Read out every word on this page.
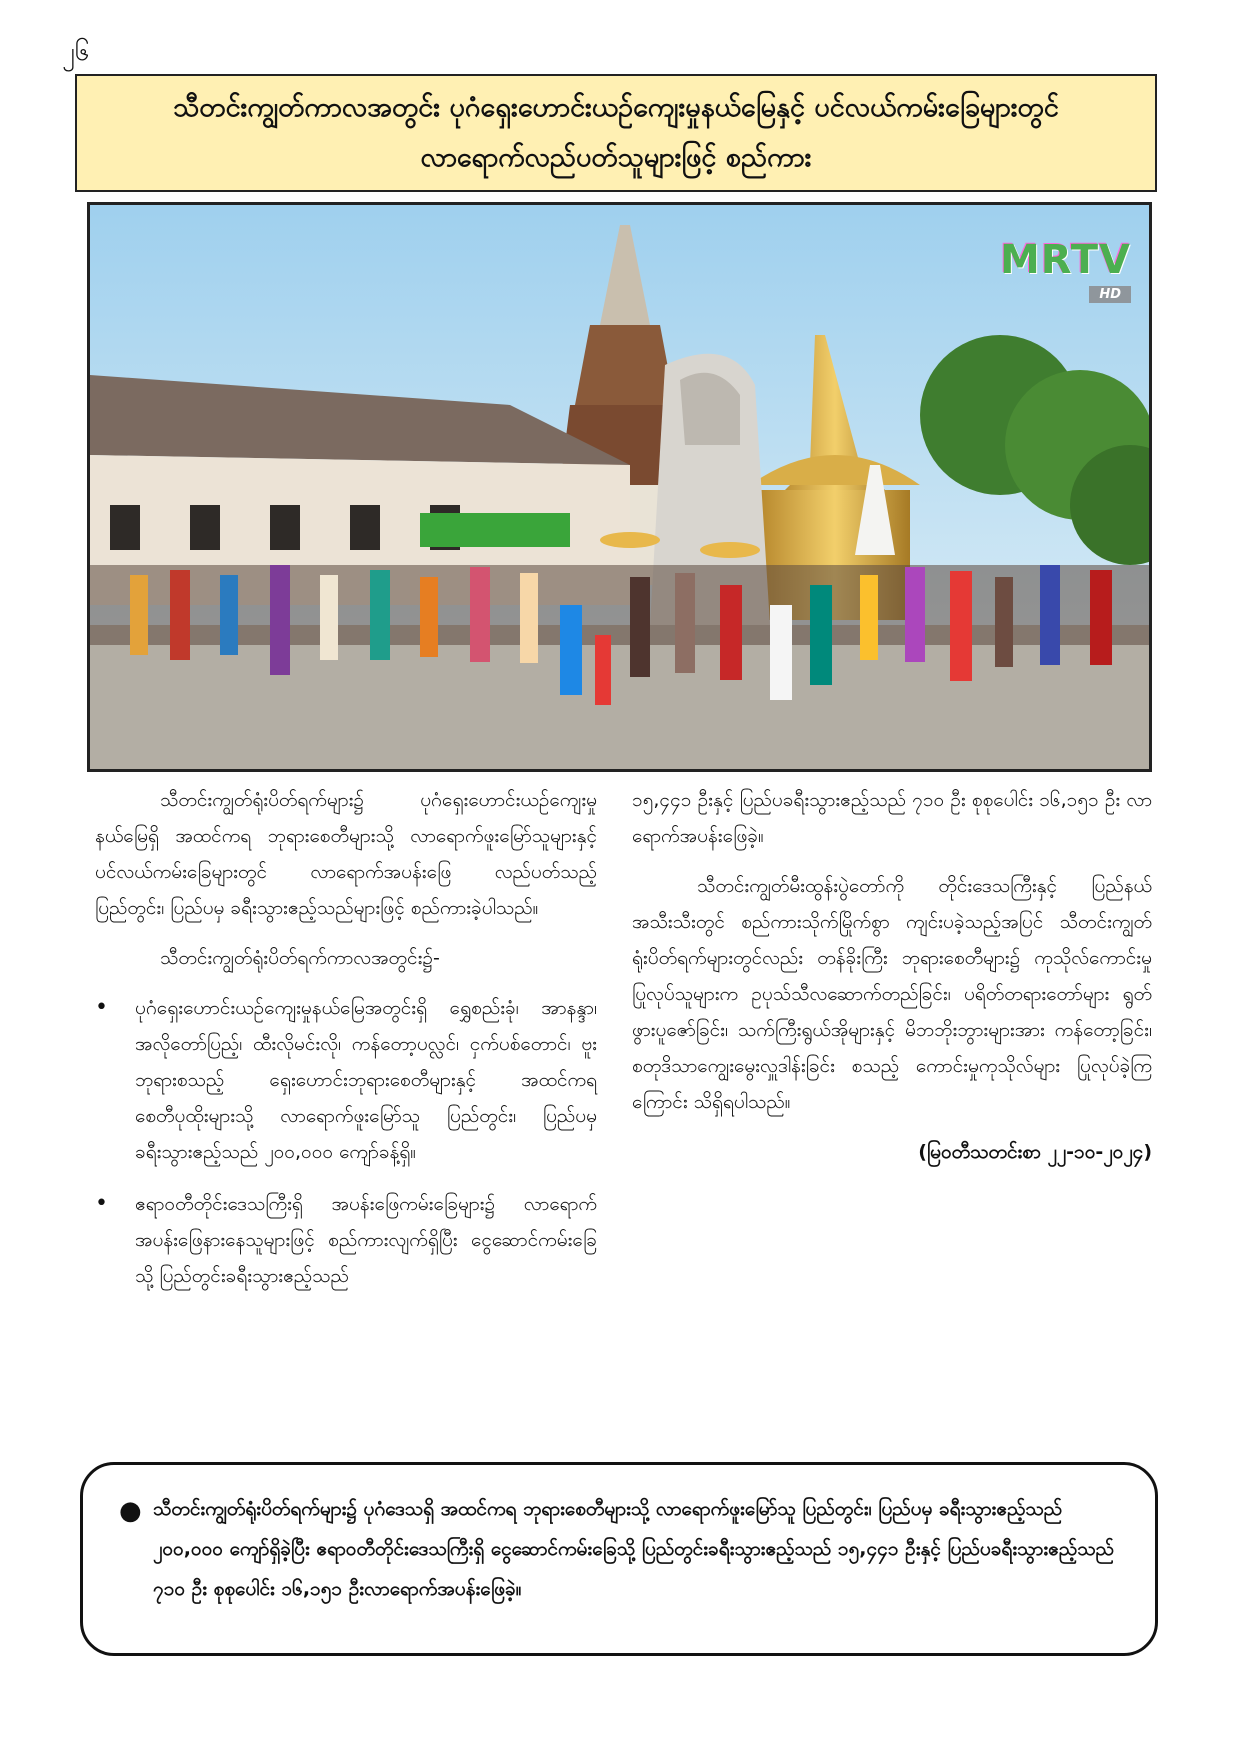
၂၆
သီတင်းကျွတ်ကာလအတွင်း ပုဂံရှေးဟောင်းယဉ်ကျေးမှုနယ်မြေနှင့် ပင်လယ်ကမ်းခြေများတွင်
လာရောက်လည်ပတ်သူများဖြင့် စည်ကား
MRTV
HD

သီတင်းကျွတ်ရုံးပိတ်ရက်များ၌ ပုဂံရှေးဟောင်းယဉ်ကျေးမှုနယ်မြေရှိ အထင်ကရ ဘုရားစေတီများသို့ လာရောက်ဖူးမြော်သူများနှင့် ပင်လယ်ကမ်းခြေများတွင် လာရောက်အပန်းဖြေ လည်ပတ်သည့် ပြည်တွင်း၊ ပြည်ပမှ ခရီးသွားဧည့်သည်များဖြင့် စည်ကားခဲ့ပါသည်။

သီတင်းကျွတ်ရုံးပိတ်ရက်ကာလအတွင်း၌-

• ပုဂံရှေးဟောင်းယဉ်ကျေးမှုနယ်မြေအတွင်းရှိ ရွှေစည်းခုံ၊ အာနန္ဒာ၊ အလိုတော်ပြည့်၊ ထီးလိုမင်းလို၊ ကန်တော့ပလ္လင်၊ ငှက်ပစ်တောင်၊ ဗူးဘုရားစသည့် ရှေးဟောင်းဘုရားစေတီများနှင့် အထင်ကရ စေတီပုထိုးများသို့ လာရောက်ဖူးမြော်သူ ပြည်တွင်း၊ ပြည်ပမှ ခရီးသွားဧည့်သည် ၂၀၀,၀၀၀ ကျော်ခန့်ရှိ။
• ဧရာဝတီတိုင်းဒေသကြီးရှိ အပန်းဖြေကမ်းခြေများ၌ လာရောက်အပန်းဖြေနားနေသူများဖြင့် စည်ကားလျက်ရှိပြီး ငွေဆောင်ကမ်းခြေသို့ ပြည်တွင်းခရီးသွားဧည့်သည်

၁၅,၄၄၁ ဦးနှင့် ပြည်ပခရီးသွားဧည့်သည် ၇၁၀ ဦး စုစုပေါင်း ၁၆,၁၅၁ ဦး လာရောက်အပန်းဖြေခဲ့။

သီတင်းကျွတ်မီးထွန်းပွဲတော်ကို တိုင်းဒေသကြီးနှင့် ပြည်နယ်အသီးသီးတွင် စည်ကားသိုက်မြိုက်စွာ ကျင်းပခဲ့သည့်အပြင် သီတင်းကျွတ်ရုံးပိတ်ရက်များတွင်လည်း တန်ခိုးကြီး ဘုရားစေတီများ၌ ကုသိုလ်ကောင်းမှုပြုလုပ်သူများက ဥပုသ်သီလဆောက်တည်ခြင်း၊ ပရိတ်တရားတော်များ ရွတ်ဖွားပူဇော်ခြင်း၊ သက်ကြီးရွယ်အိုများနှင့် မိဘဘိုးဘွားများအား ကန်တော့ခြင်း၊ စတုဒိသာကျွေးမွေးလှူဒါန်းခြင်း စသည့် ကောင်းမှုကုသိုလ်များ ပြုလုပ်ခဲ့ကြကြောင်း သိရှိရပါသည်။

(မြဝတီသတင်းစာ ၂၂-၁၀-၂၀၂၄)
● သီတင်းကျွတ်ရုံးပိတ်ရက်များ၌ ပုဂံဒေသရှိ အထင်ကရ ဘုရားစေတီများသို့ လာရောက်ဖူးမြော်သူ ပြည်တွင်း၊ ပြည်ပမှ ခရီးသွားဧည့်သည် ၂၀၀,၀၀၀ ကျော်ရှိခဲ့ပြီး ဧရာဝတီတိုင်းဒေသကြီးရှိ ငွေဆောင်ကမ်းခြေသို့ ပြည်တွင်းခရီးသွားဧည့်သည် ၁၅,၄၄၁ ဦးနှင့် ပြည်ပခရီးသွားဧည့်သည် ၇၁၀ ဦး စုစုပေါင်း ၁၆,၁၅၁ ဦးလာရောက်အပန်းဖြေခဲ့။
